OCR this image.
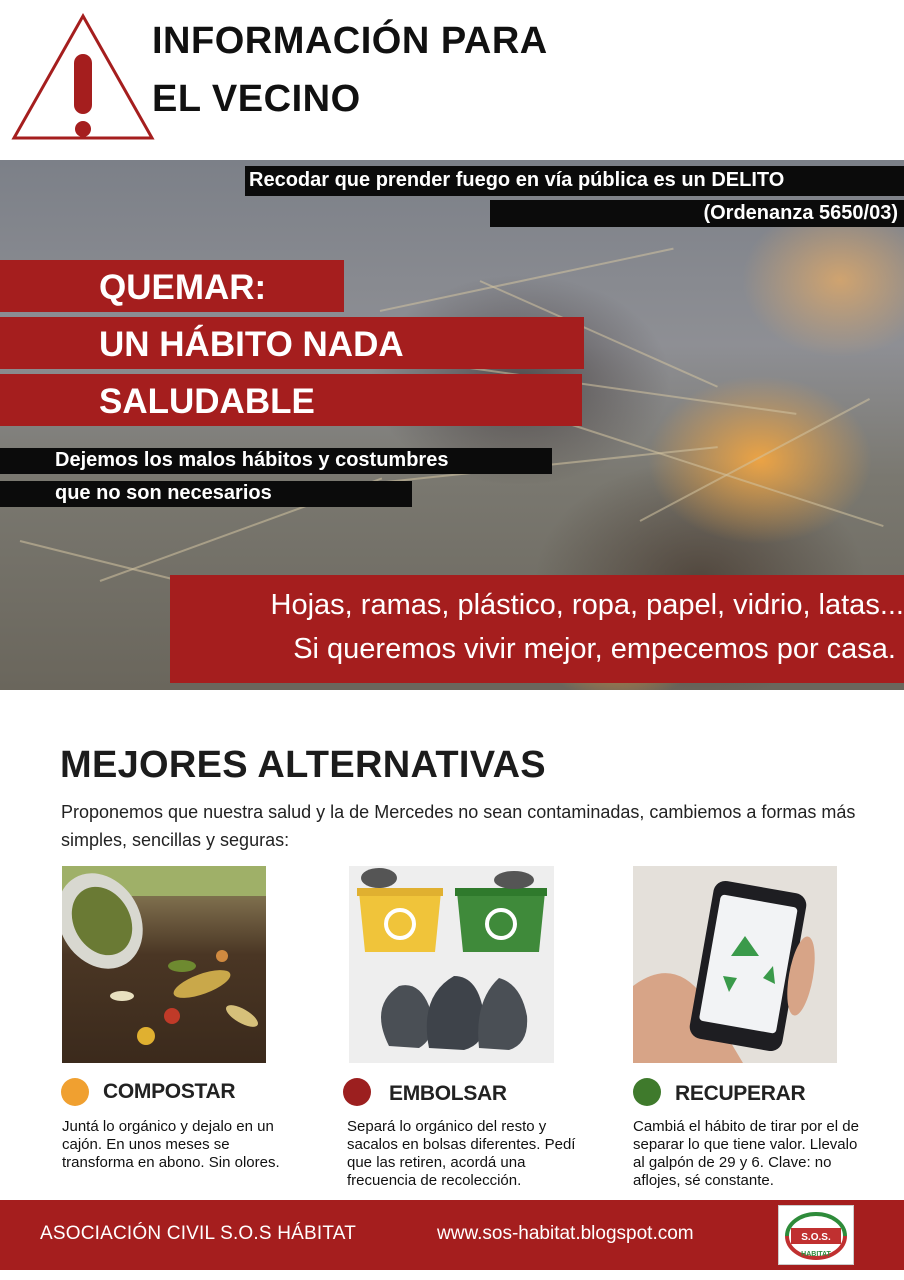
INFORMACIÓN PARA
EL VECINO
Recodar que prender fuego en vía pública es un DELITO
(Ordenanza 5650/03)
QUEMAR:
UN HÁBITO NADA
SALUDABLE
Dejemos los malos hábitos y costumbres
que no son necesarios
Hojas, ramas, plástico, ropa, papel, vidrio, latas...
Si queremos vivir mejor, empecemos por casa.
MEJORES ALTERNATIVAS
Proponemos que nuestra salud y la de Mercedes no sean contaminadas, cambiemos a formas más simples, sencillas y seguras:
COMPOSTAR
Juntá lo orgánico y dejalo en un cajón. En unos meses se transforma en abono. Sin olores.
EMBOLSAR
Separá lo orgánico del resto y sacalos en bolsas diferentes. Pedí que las retiren, acordá una frecuencia de recolección.
RECUPERAR
Cambiá el hábito de tirar por el de separar lo que tiene valor. Llevalo al galpón de 29 y 6. Clave: no aflojes, sé constante.
ASOCIACIÓN CIVIL S.O.S HÁBITAT	www.sos-habitat.blogspot.com	S.O.S.
HABITAT
